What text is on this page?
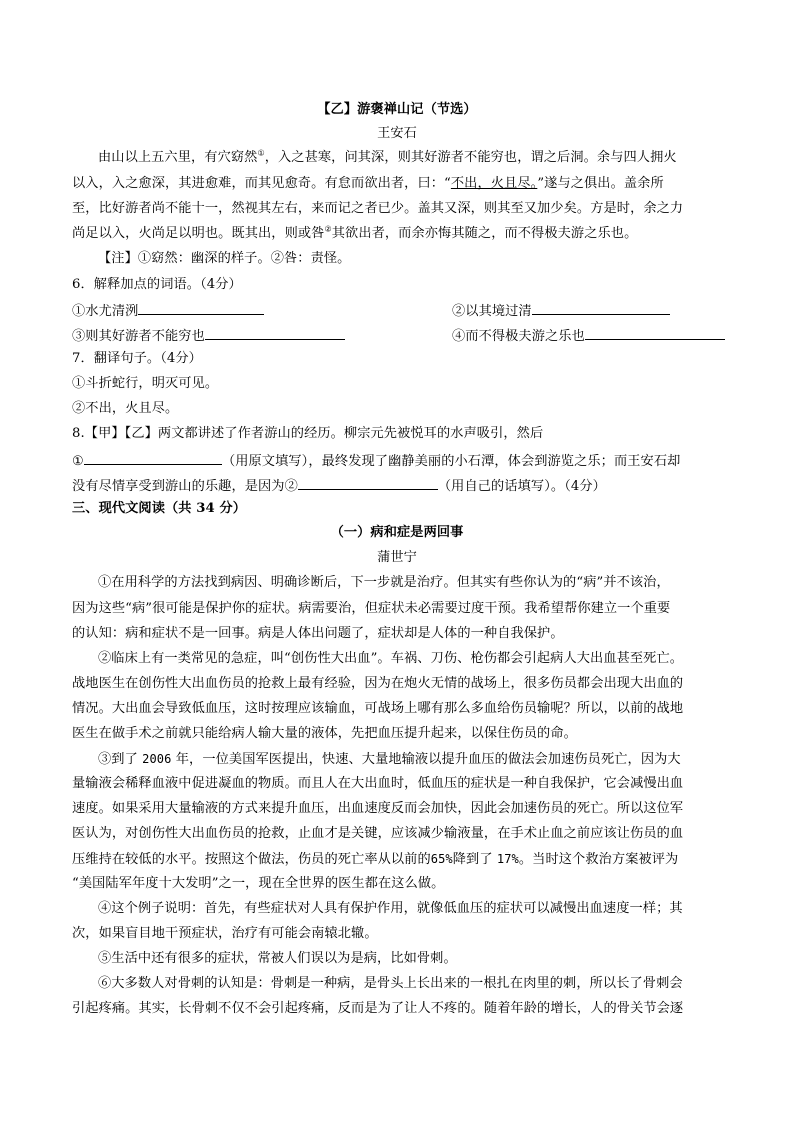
【乙】游褒禅山记（节选）
王安石
由山以上五六里，有穴窈然①，入之甚寒，问其深，则其好游者不能穷也，谓之后洞。余与四人拥火
以入，入之愈深，其进愈难，而其见愈奇。有怠而欲出者，曰：“不出，火且尽。”遂与之俱出。盖余所
至，比好游者尚不能十一，然视其左右，来而记之者已少。盖其又深，则其至又加少矣。方是时，余之力
尚足以入，火尚足以明也。既其出，则或咎②其欲出者，而余亦悔其随之，而不得极夫游之乐也。
【注】①窈然：幽深的样子。②咎：责怪。
6．解释加点的词语。（4分）
①水尤清洌	②以其境过清
③则其好游者不能穷也	④而不得极夫游之乐也
7．翻译句子。（4分）
①斗折蛇行，明灭可见。
②不出，火且尽。
8.【甲】【乙】两文都讲述了作者游山的经历。柳宗元先被悦耳的水声吸引，然后
①	（用原文填写），最终发现了幽静美丽的小石潭，体会到游览之乐；而王安石却
没有尽情享受到游山的乐趣，是因为②	（用自己的话填写）。（4分）
三、现代文阅读（共 34 分）
（一）病和症是两回事
蒲世宁
①在用科学的方法找到病因、明确诊断后，下一步就是治疗。但其实有些你认为的“病”并不该治，
因为这些“病”很可能是保护你的症状。病需要治，但症状未必需要过度干预。我希望帮你建立一个重要
的认知：病和症状不是一回事。病是人体出问题了，症状却是人体的一种自我保护。
②临床上有一类常见的急症，叫“创伤性大出血”。车祸、刀伤、枪伤都会引起病人大出血甚至死亡。
战地医生在创伤性大出血伤员的抢救上最有经验，因为在炮火无情的战场上，很多伤员都会出现大出血的
情况。大出血会导致低血压，这时按理应该输血，可战场上哪有那么多血给伤员输呢？所以，以前的战地
医生在做手术之前就只能给病人输大量的液体，先把血压提升起来，以保住伤员的命。
③到了 2006 年，一位美国军医提出，快速、大量地输液以提升血压的做法会加速伤员死亡，因为大
量输液会稀释血液中促进凝血的物质。而且人在大出血时，低血压的症状是一种自我保护，它会减慢出血
速度。如果采用大量输液的方式来提升血压，出血速度反而会加快，因此会加速伤员的死亡。所以这位军
医认为，对创伤性大出血伤员的抢救，止血才是关键，应该减少输液量，在手术止血之前应该让伤员的血
压维持在较低的水平。按照这个做法，伤员的死亡率从以前的65%降到了 17%。当时这个救治方案被评为
“美国陆军年度十大发明”之一，现在全世界的医生都在这么做。
④这个例子说明：首先，有些症状对人具有保护作用，就像低血压的症状可以减慢出血速度一样；其
次，如果盲目地干预症状，治疗有可能会南辕北辙。
⑤生活中还有很多的症状，常被人们误以为是病，比如骨刺。
⑥大多数人对骨刺的认知是：骨刺是一种病，是骨头上长出来的一根扎在肉里的刺，所以长了骨刺会
引起疼痛。其实，长骨刺不仅不会引起疼痛，反而是为了让人不疼的。随着年龄的增长，人的骨关节会逐
